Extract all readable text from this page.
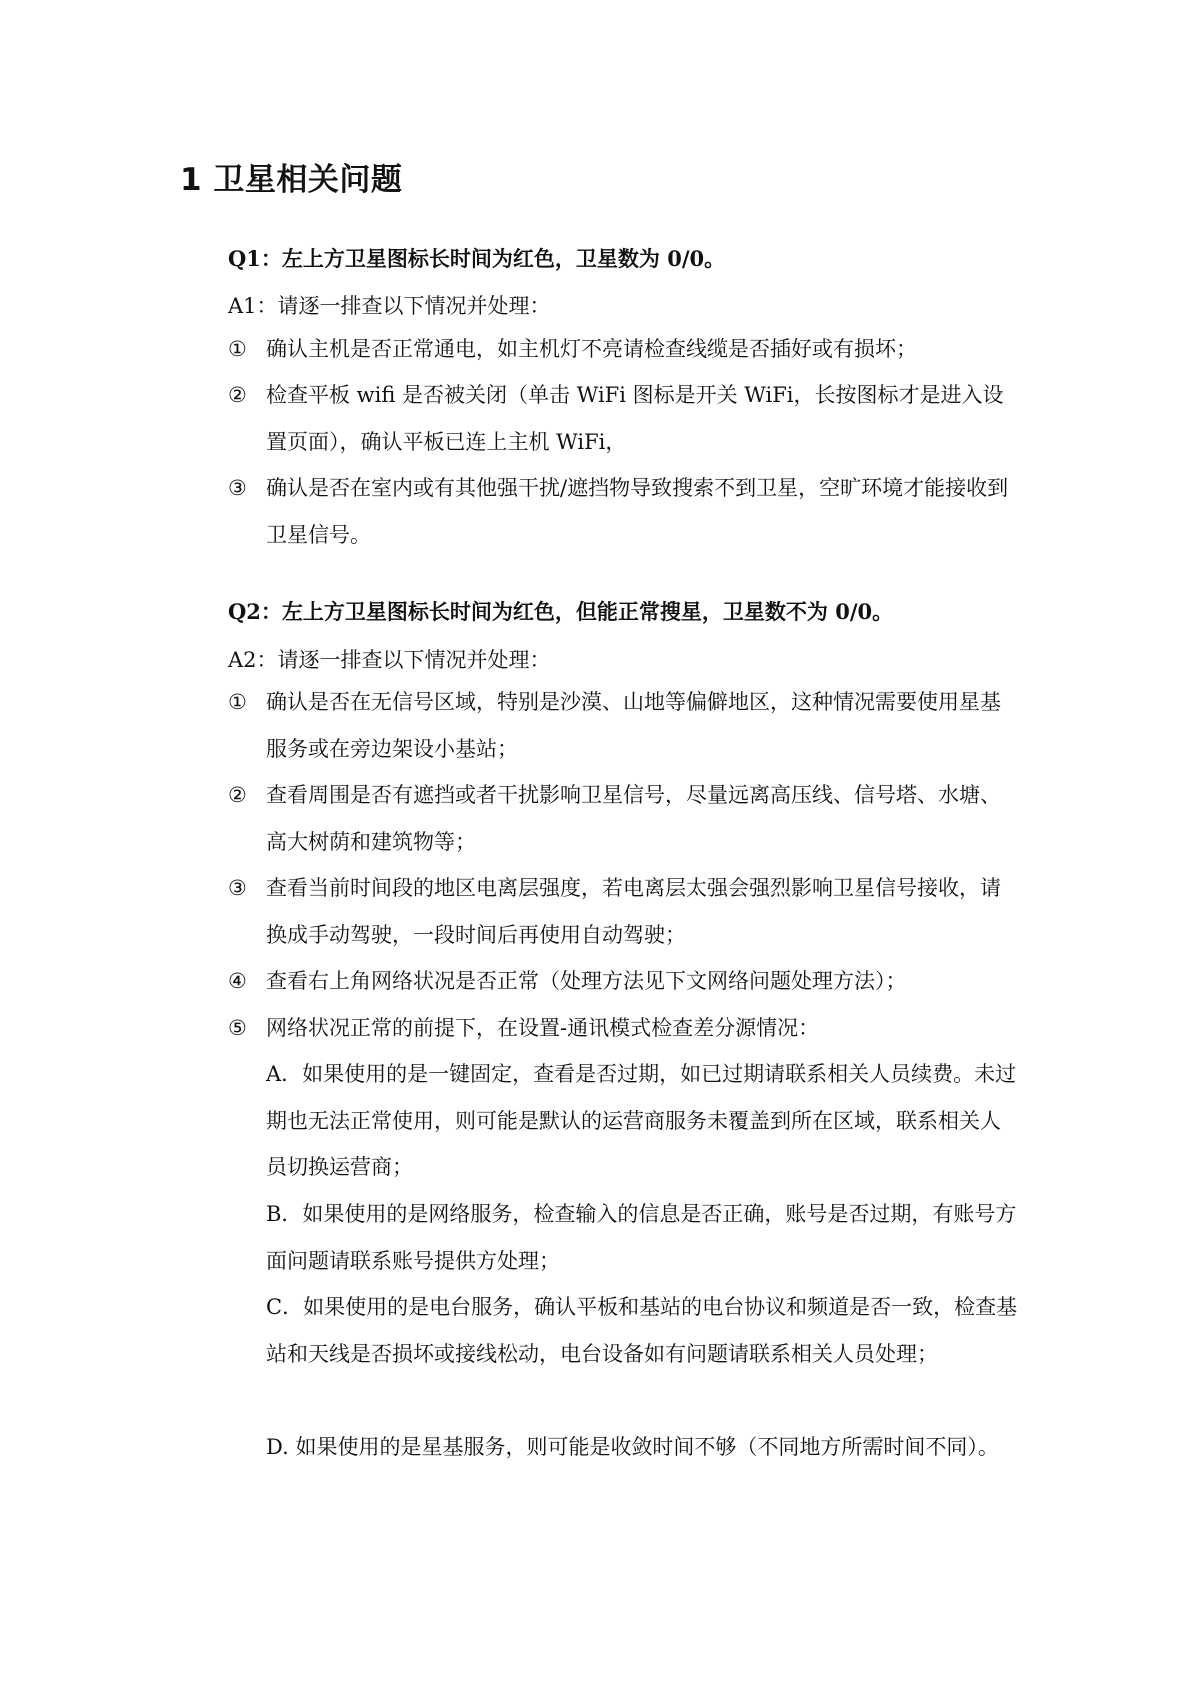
1 卫星相关问题

Q1：左上方卫星图标长时间为红色，卫星数为 0/0。

A1：请逐一排查以下情况并处理：

① 确认主机是否正常通电，如主机灯不亮请检查线缆是否插好或有损坏；
② 检查平板 wifi 是否被关闭（单击 WiFi 图标是开关 WiFi，长按图标才是进入设置页面），确认平板已连上主机 WiFi，
③ 确认是否在室内或有其他强干扰/遮挡物导致搜索不到卫星，空旷环境才能接收到卫星信号。

Q2：左上方卫星图标长时间为红色，但能正常搜星，卫星数不为 0/0。

A2：请逐一排查以下情况并处理：

① 确认是否在无信号区域，特别是沙漠、山地等偏僻地区，这种情况需要使用星基服务或在旁边架设小基站；
② 查看周围是否有遮挡或者干扰影响卫星信号，尽量远离高压线、信号塔、水塘、高大树荫和建筑物等；
③ 查看当前时间段的地区电离层强度，若电离层太强会强烈影响卫星信号接收，请换成手动驾驶，一段时间后再使用自动驾驶；
④ 查看右上角网络状况是否正常（处理方法见下文网络问题处理方法）；
⑤ 网络状况正常的前提下，在设置-通讯模式检查差分源情况：

A．如果使用的是一键固定，查看是否过期，如已过期请联系相关人员续费。未过期也无法正常使用，则可能是默认的运营商服务未覆盖到所在区域，联系相关人员切换运营商；

B．如果使用的是网络服务，检查输入的信息是否正确，账号是否过期，有账号方面问题请联系账号提供方处理；

C．如果使用的是电台服务，确认平板和基站的电台协议和频道是否一致，检查基站和天线是否损坏或接线松动，电台设备如有问题请联系相关人员处理；

D. 如果使用的是星基服务，则可能是收敛时间不够（不同地方所需时间不同）。
